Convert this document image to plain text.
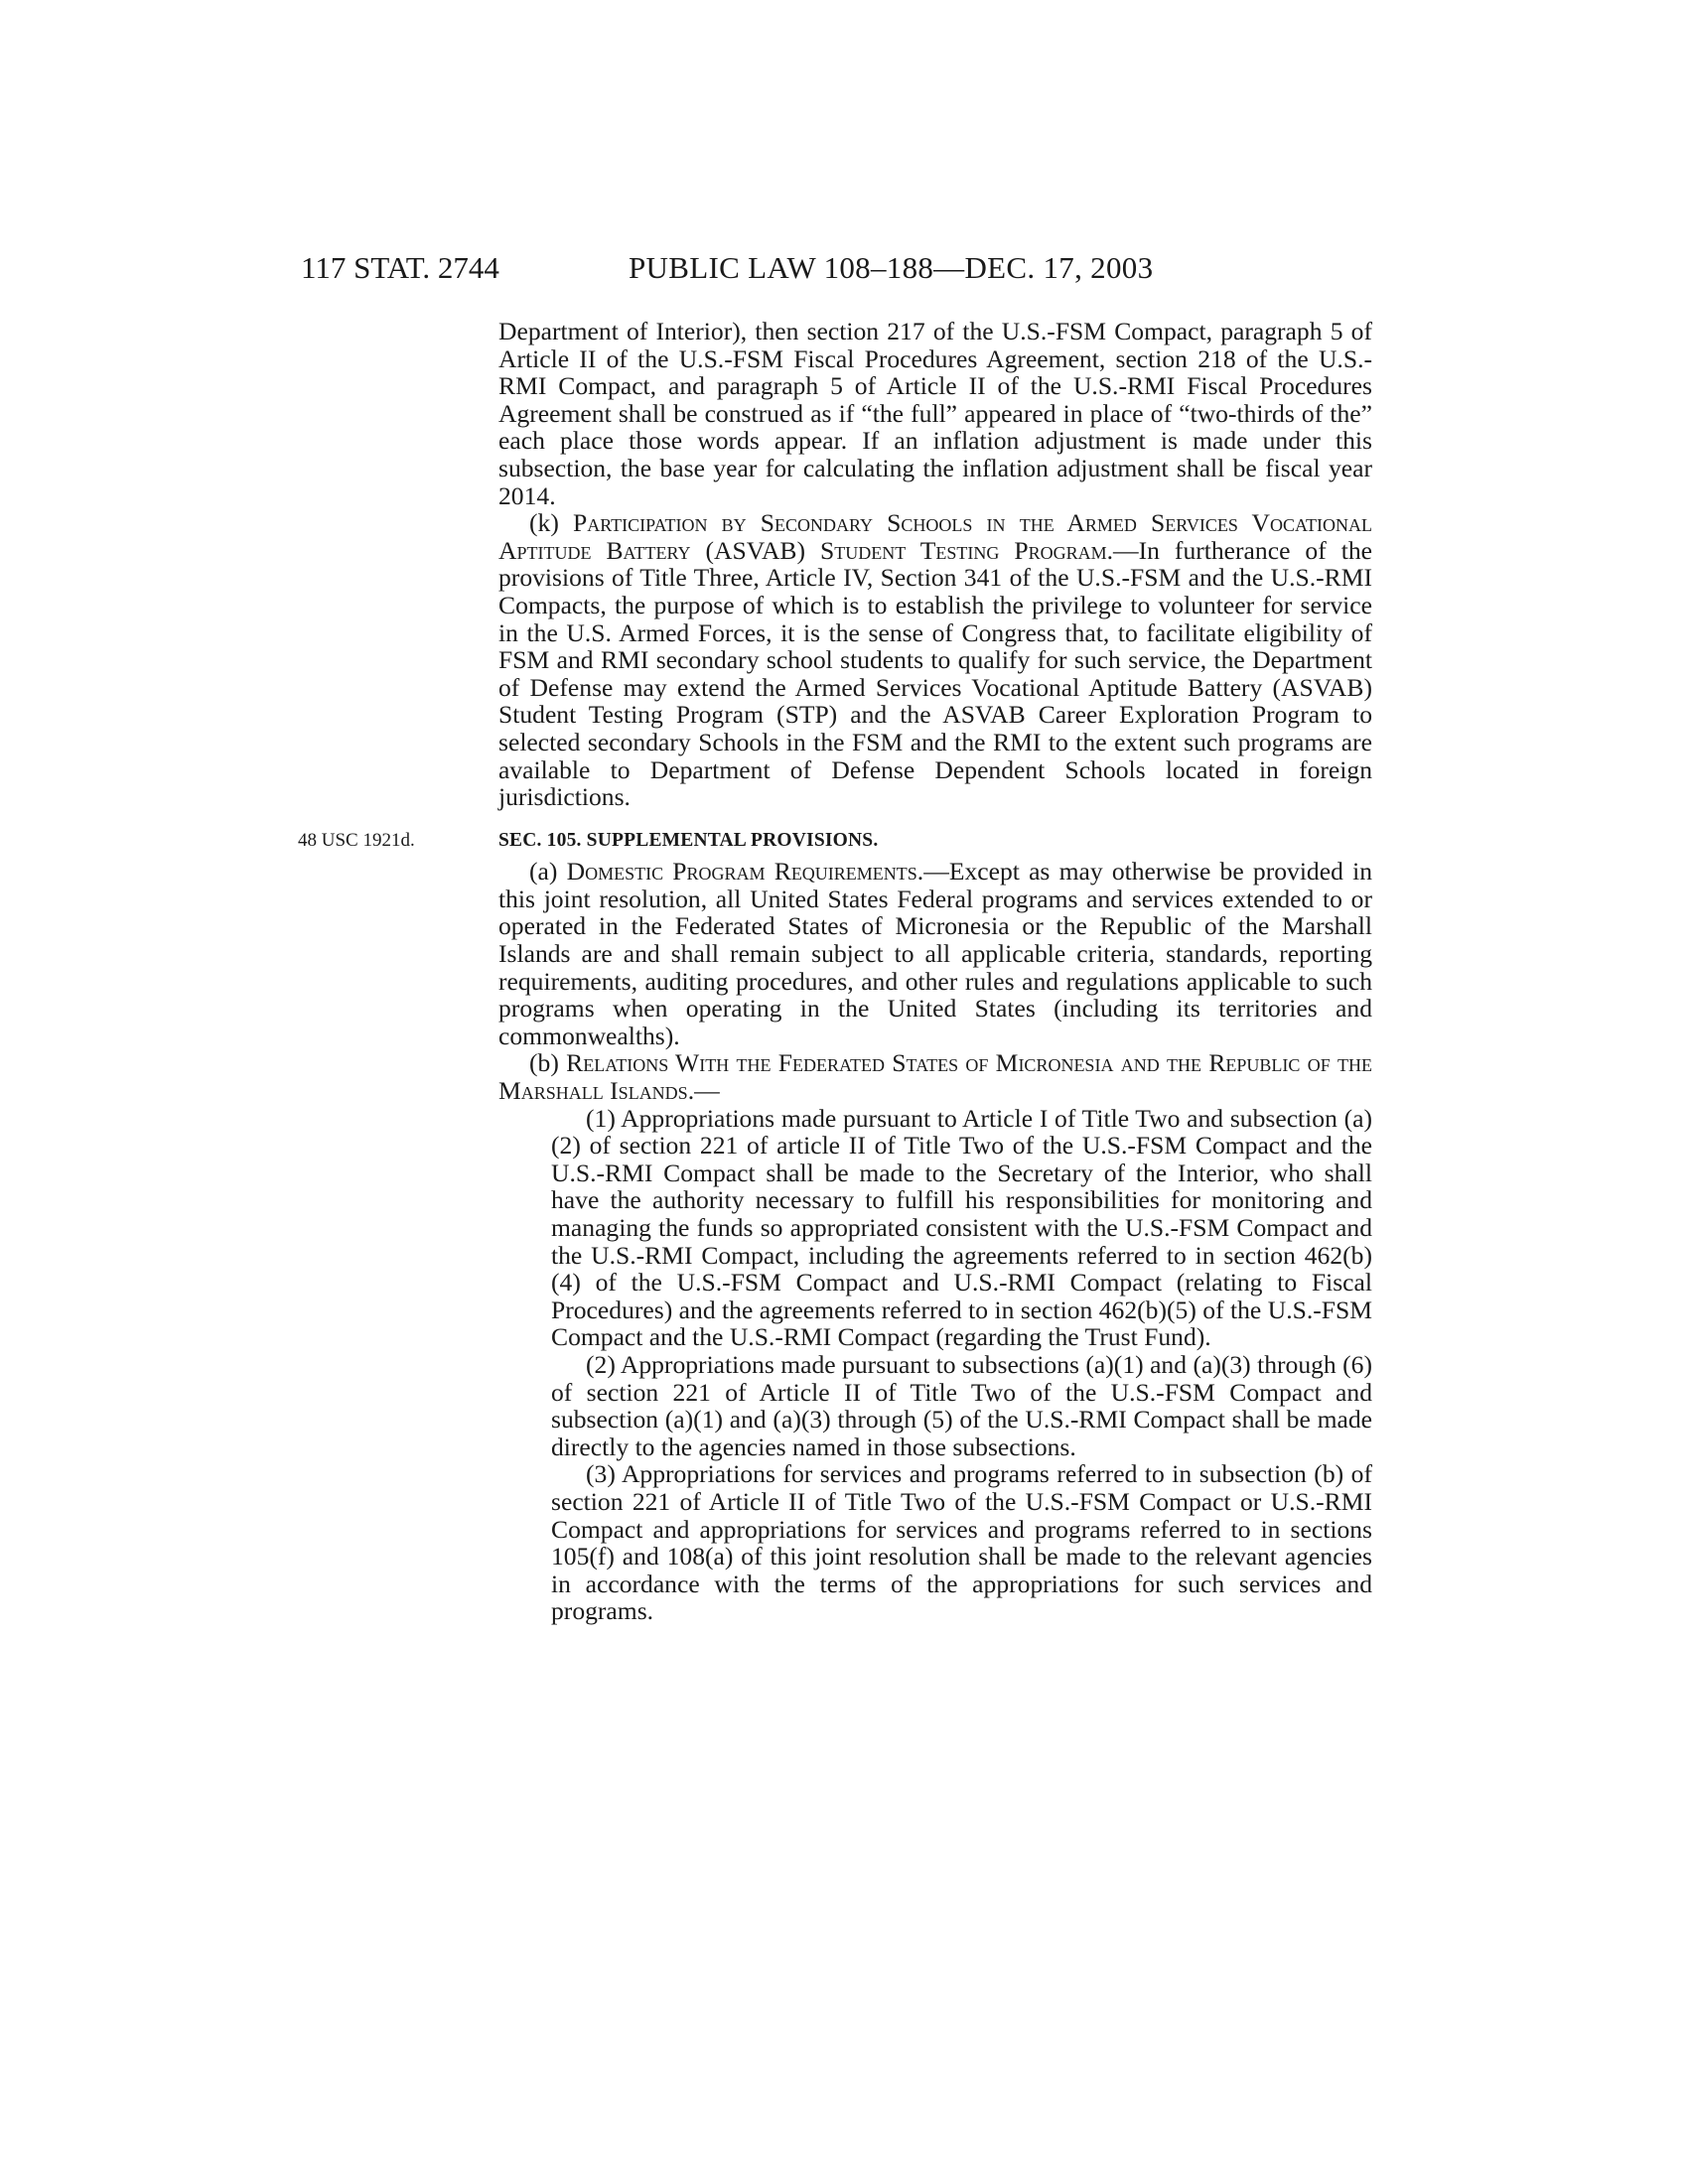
117 STAT. 2744	PUBLIC LAW 108–188—DEC. 17, 2003

Department of Interior), then section 217 of the U.S.-FSM Compact, paragraph 5 of Article II of the U.S.-FSM Fiscal Procedures Agreement, section 218 of the U.S.-RMI Compact, and paragraph 5 of Article II of the U.S.-RMI Fiscal Procedures Agreement shall be construed as if “the full” appeared in place of “two-thirds of the” each place those words appear. If an inflation adjustment is made under this subsection, the base year for calculating the inflation adjustment shall be fiscal year 2014.

(k) Participation by Secondary Schools in the Armed Services Vocational Aptitude Battery (ASVAB) Student Testing Program.—In furtherance of the provisions of Title Three, Article IV, Section 341 of the U.S.-FSM and the U.S.-RMI Compacts, the purpose of which is to establish the privilege to volunteer for service in the U.S. Armed Forces, it is the sense of Congress that, to facilitate eligibility of FSM and RMI secondary school students to qualify for such service, the Department of Defense may extend the Armed Services Vocational Aptitude Battery (ASVAB) Student Testing Program (STP) and the ASVAB Career Exploration Program to selected secondary Schools in the FSM and the RMI to the extent such programs are available to Department of Defense Dependent Schools located in foreign jurisdictions.

48 USC 1921d.	SEC. 105. SUPPLEMENTAL PROVISIONS.

(a) Domestic Program Requirements.—Except as may otherwise be provided in this joint resolution, all United States Federal programs and services extended to or operated in the Federated States of Micronesia or the Republic of the Marshall Islands are and shall remain subject to all applicable criteria, standards, reporting requirements, auditing procedures, and other rules and regulations applicable to such programs when operating in the United States (including its territories and commonwealths).

(b) Relations With the Federated States of Micronesia and the Republic of the Marshall Islands.—

(1) Appropriations made pursuant to Article I of Title Two and subsection (a)(2) of section 221 of article II of Title Two of the U.S.-FSM Compact and the U.S.-RMI Compact shall be made to the Secretary of the Interior, who shall have the authority necessary to fulfill his responsibilities for monitoring and managing the funds so appropriated consistent with the U.S.-FSM Compact and the U.S.-RMI Compact, including the agreements referred to in section 462(b)(4) of the U.S.-FSM Compact and U.S.-RMI Compact (relating to Fiscal Procedures) and the agreements referred to in section 462(b)(5) of the U.S.-FSM Compact and the U.S.-RMI Compact (regarding the Trust Fund).

(2) Appropriations made pursuant to subsections (a)(1) and (a)(3) through (6) of section 221 of Article II of Title Two of the U.S.-FSM Compact and subsection (a)(1) and (a)(3) through (5) of the U.S.-RMI Compact shall be made directly to the agencies named in those subsections.

(3) Appropriations for services and programs referred to in subsection (b) of section 221 of Article II of Title Two of the U.S.-FSM Compact or U.S.-RMI Compact and appropriations for services and programs referred to in sections 105(f) and 108(a) of this joint resolution shall be made to the relevant agencies in accordance with the terms of the appropriations for such services and programs.
